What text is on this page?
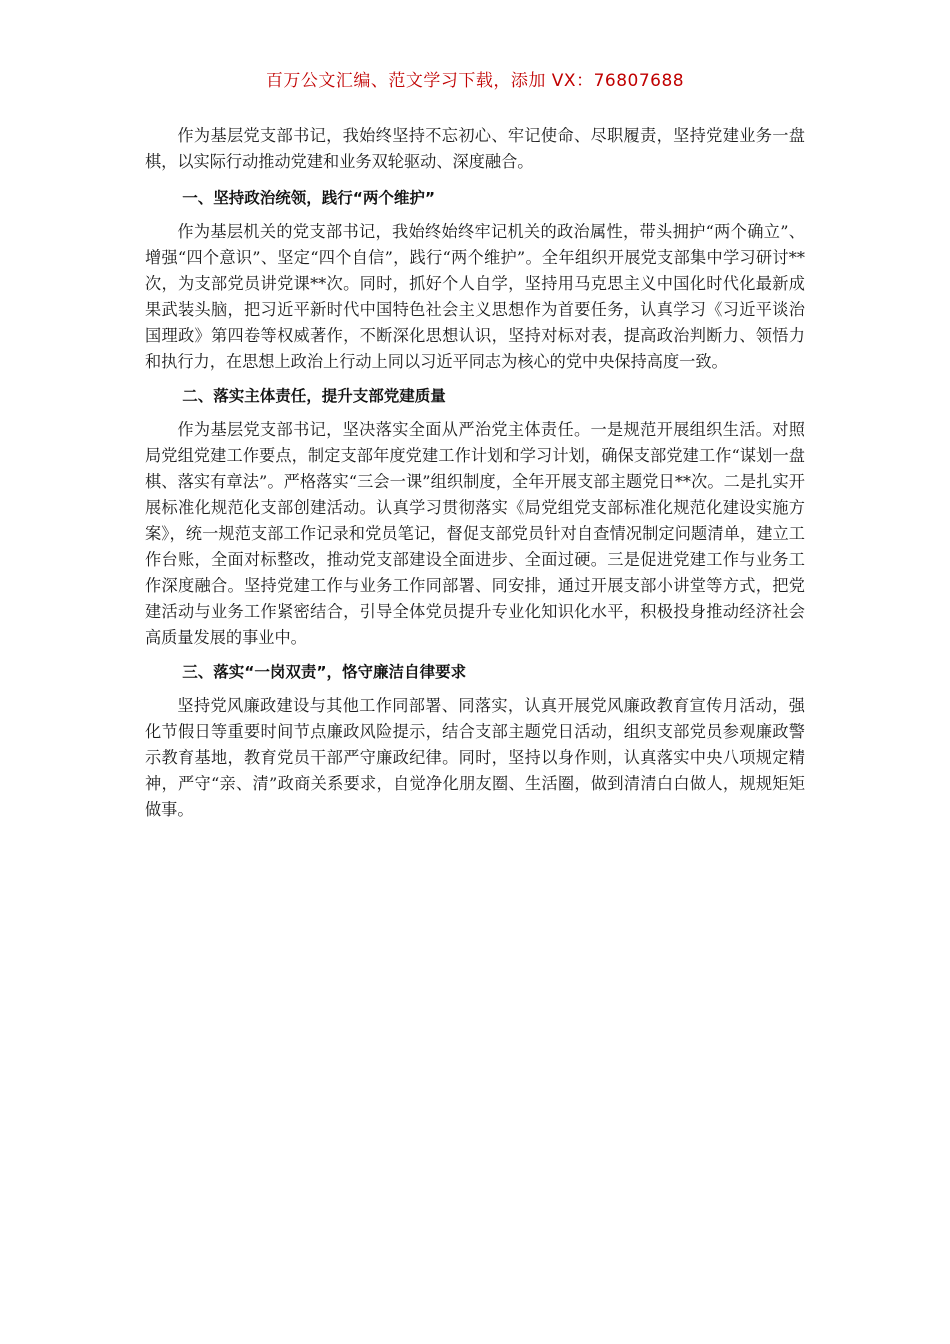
百万公文汇编、范文学习下载，添加 VX：76807688

作为基层党支部书记，我始终坚持不忘初心、牢记使命、尽职履责，坚持党建业务一盘棋，以实际行动推动党建和业务双轮驱动、深度融合。

一、坚持政治统领，践行“两个维护”

作为基层机关的党支部书记，我始终始终牢记机关的政治属性，带头拥护“两个确立”、增强“四个意识”、坚定“四个自信”，践行“两个维护”。全年组织开展党支部集中学习研讨**次，为支部党员讲党课**次。同时，抓好个人自学，坚持用马克思主义中国化时代化最新成果武装头脑，把习近平新时代中国特色社会主义思想作为首要任务，认真学习《习近平谈治国理政》第四卷等权威著作，不断深化思想认识，坚持对标对表，提高政治判断力、领悟力和执行力，在思想上政治上行动上同以习近平同志为核心的党中央保持高度一致。

二、落实主体责任，提升支部党建质量

作为基层党支部书记，坚决落实全面从严治党主体责任。一是规范开展组织生活。对照局党组党建工作要点，制定支部年度党建工作计划和学习计划，确保支部党建工作“谋划一盘棋、落实有章法”。严格落实“三会一课”组织制度，全年开展支部主题党日**次。二是扎实开展标准化规范化支部创建活动。认真学习贯彻落实《局党组党支部标准化规范化建设实施方案》，统一规范支部工作记录和党员笔记，督促支部党员针对自查情况制定问题清单，建立工作台账，全面对标整改，推动党支部建设全面进步、全面过硬。三是促进党建工作与业务工作深度融合。坚持党建工作与业务工作同部署、同安排，通过开展支部小讲堂等方式，把党建活动与业务工作紧密结合，引导全体党员提升专业化知识化水平，积极投身推动经济社会高质量发展的事业中。

三、落实“一岗双责”，恪守廉洁自律要求

坚持党风廉政建设与其他工作同部署、同落实，认真开展党风廉政教育宣传月活动，强化节假日等重要时间节点廉政风险提示，结合支部主题党日活动，组织支部党员参观廉政警示教育基地，教育党员干部严守廉政纪律。同时，坚持以身作则，认真落实中央八项规定精神，严守“亲、清”政商关系要求，自觉净化朋友圈、生活圈，做到清清白白做人，规规矩矩做事。
